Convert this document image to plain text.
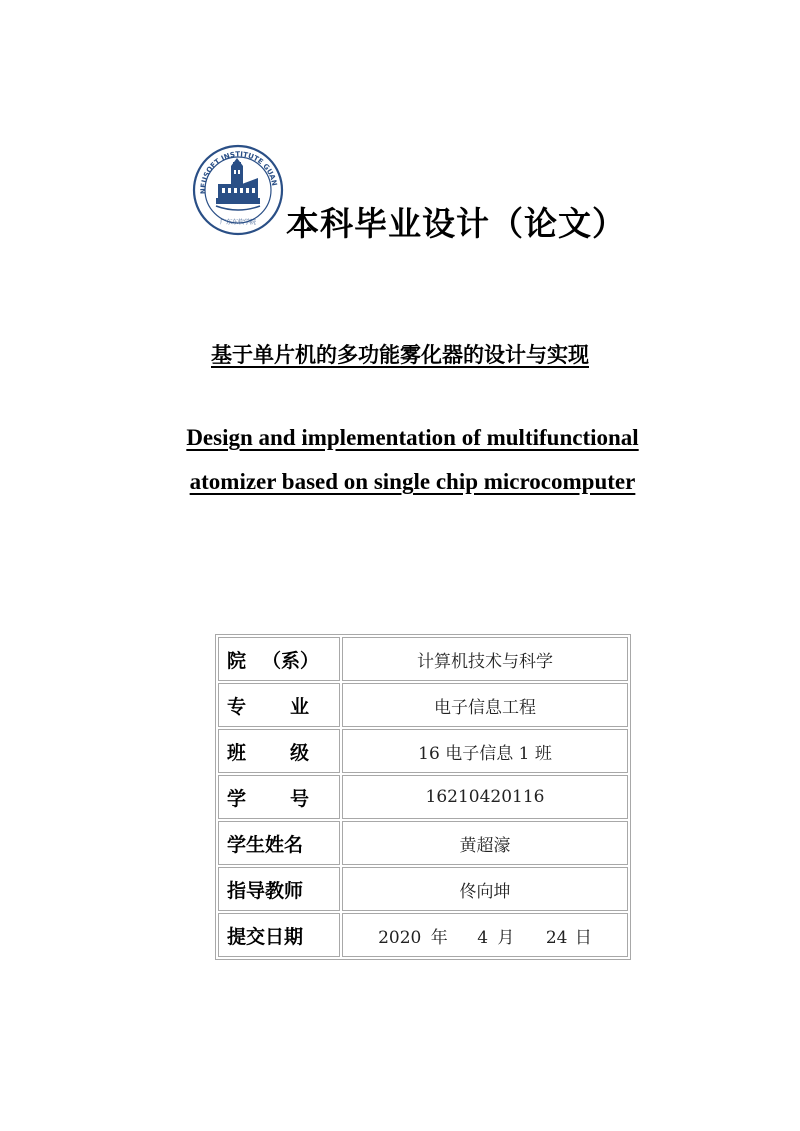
NEUSOFT INSTITUTE GUAN
广东东软学院 本科毕业设计（论文）
基于单片机的多功能雾化器的设计与实现
Design and implementation of multifunctional
atomizer based on single chip microcomputer
院 （系）	计算机技术与科学

专 业	电子信息工程

班 级	16 电子信息 1 班

学 号	16210420116
学生姓名	黄超濠
指导教师	佟向坤
提交日期	2020 年 4 月 24 日
